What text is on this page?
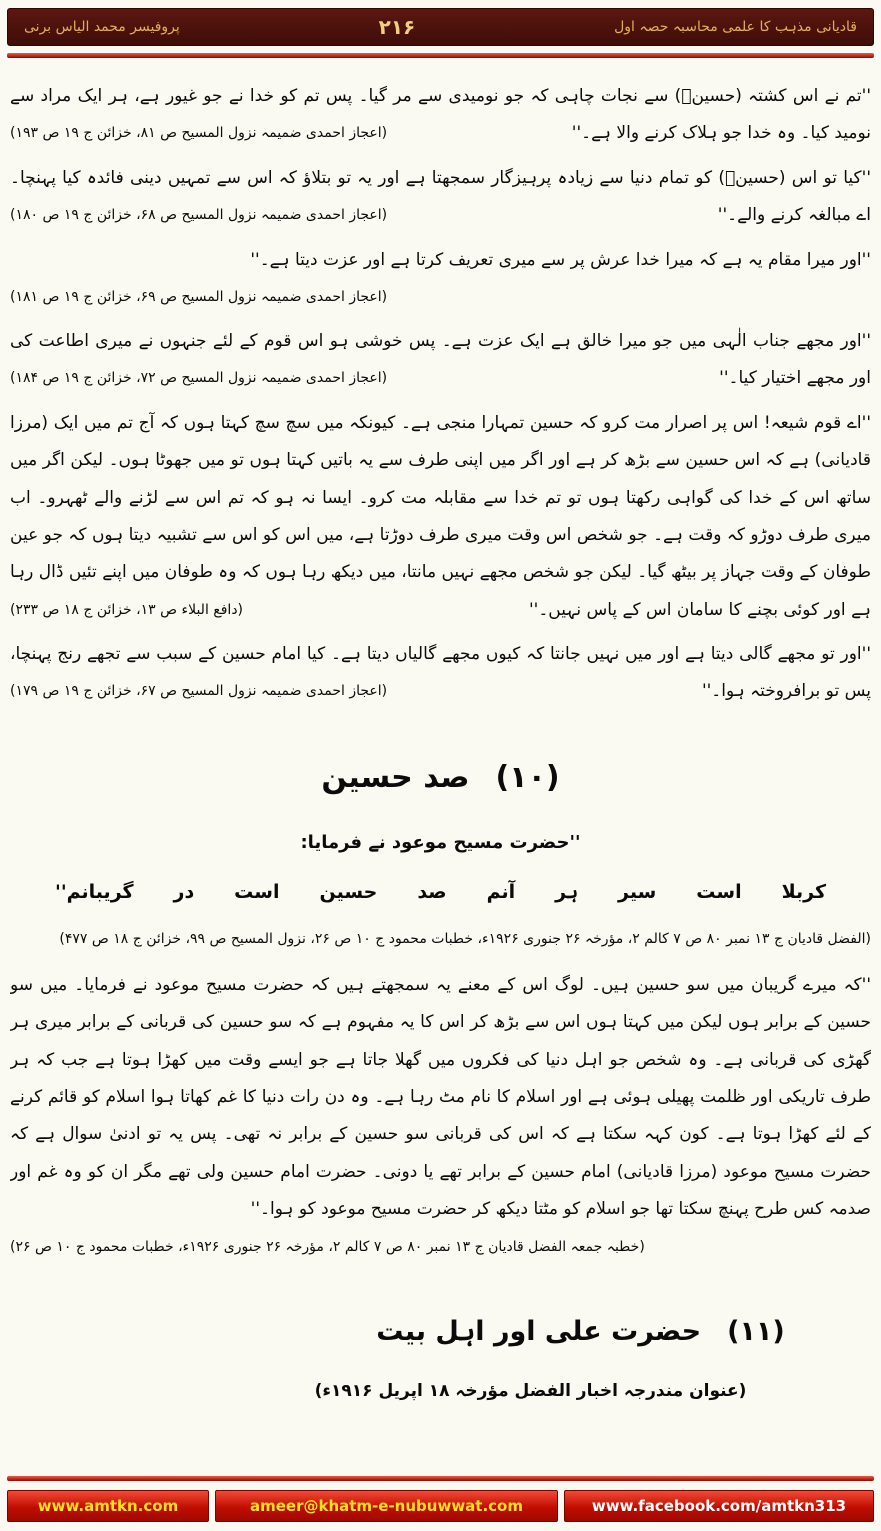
پروفیسر محمد الیاس برنی	۲۱۶	قادیانی مذہب کا علمی محاسبہ حصہ اول

''تم نے اس کشتہ (حسینؓ) سے نجات چاہی کہ جو نومیدی سے مر گیا۔ پس تم کو خدا نے جو غیور ہے، ہر ایک مراد سے نومید کیا۔ وہ خدا جو ہلاک کرنے والا ہے۔''
(اعجاز احمدی ضمیمہ نزول المسیح ص ۸۱، خزائن ج ۱۹ ص ۱۹۳)

''کیا تو اس (حسینؓ) کو تمام دنیا سے زیادہ پرہیزگار سمجھتا ہے اور یہ تو بتلاؤ کہ اس سے تمہیں دینی فائدہ کیا پہنچا۔ اے مبالغہ کرنے والے۔''
(اعجاز احمدی ضمیمہ نزول المسیح ص ۶۸، خزائن ج ۱۹ ص ۱۸۰)

''اور میرا مقام یہ ہے کہ میرا خدا عرش پر سے میری تعریف کرتا ہے اور عزت دیتا ہے۔''
(اعجاز احمدی ضمیمہ نزول المسیح ص ۶۹، خزائن ج ۱۹ ص ۱۸۱)

''اور مجھے جناب الٰہی میں جو میرا خالق ہے ایک عزت ہے۔ پس خوشی ہو اس قوم کے لئے جنہوں نے میری اطاعت کی اور مجھے اختیار کیا۔''
(اعجاز احمدی ضمیمہ نزول المسیح ص ۷۲، خزائن ج ۱۹ ص ۱۸۴)

''اے قوم شیعہ! اس پر اصرار مت کرو کہ حسین تمہارا منجی ہے۔ کیونکہ میں سچ سچ کہتا ہوں کہ آج تم میں ایک (مرزا قادیانی) ہے کہ اس حسین سے بڑھ کر ہے اور اگر میں اپنی طرف سے یہ باتیں کہتا ہوں تو میں جھوٹا ہوں۔ لیکن اگر میں ساتھ اس کے خدا کی گواہی رکھتا ہوں تو تم خدا سے مقابلہ مت کرو۔ ایسا نہ ہو کہ تم اس سے لڑنے والے ٹھہرو۔ اب میری طرف دوڑو کہ وقت ہے۔ جو شخص اس وقت میری طرف دوڑتا ہے، میں اس کو اس سے تشبیہ دیتا ہوں کہ جو عین طوفان کے وقت جہاز پر بیٹھ گیا۔ لیکن جو شخص مجھے نہیں مانتا، میں دیکھ رہا ہوں کہ وہ طوفان میں اپنے تئیں ڈال رہا ہے اور کوئی بچنے کا سامان اس کے پاس نہیں۔''
(دافع البلاء ص ۱۳، خزائن ج ۱۸ ص ۲۳۳)

''اور تو مجھے گالی دیتا ہے اور میں نہیں جانتا کہ کیوں مجھے گالیاں دیتا ہے۔ کیا امام حسین کے سبب سے تجھے رنج پہنچا، پس تو برافروختہ ہوا۔''
(اعجاز احمدی ضمیمہ نزول المسیح ص ۶۷، خزائن ج ۱۹ ص ۱۷۹)

(۱۰)
صد حسین
''حضرت مسیح موعود نے فرمایا:
کربلا است سیر ہر آنم صد حسین است در گریبانم''
(الفضل قادیان ج ۱۳ نمبر ۸۰ ص ۷ کالم ۲، مؤرخہ ۲۶ جنوری ۱۹۲۶ء، خطبات محمود ج ۱۰ ص ۲۶، نزول المسیح ص ۹۹، خزائن ج ۱۸ ص ۴۷۷)

''کہ میرے گریبان میں سو حسین ہیں۔ لوگ اس کے معنے یہ سمجھتے ہیں کہ حضرت مسیح موعود نے فرمایا۔ میں سو حسین کے برابر ہوں لیکن میں کہتا ہوں اس سے بڑھ کر اس کا یہ مفہوم ہے کہ سو حسین کی قربانی کے برابر میری ہر گھڑی کی قربانی ہے۔ وہ شخص جو اہل دنیا کی فکروں میں گھلا جاتا ہے جو ایسے وقت میں کھڑا ہوتا ہے جب کہ ہر طرف تاریکی اور ظلمت پھیلی ہوئی ہے اور اسلام کا نام مٹ رہا ہے۔ وہ دن رات دنیا کا غم کھاتا ہوا اسلام کو قائم کرنے کے لئے کھڑا ہوتا ہے۔ کون کہہ سکتا ہے کہ اس کی قربانی سو حسین کے برابر نہ تھی۔ پس یہ تو ادنیٰ سوال ہے کہ حضرت مسیح موعود (مرزا قادیانی) امام حسین کے برابر تھے یا دونی۔ حضرت امام حسین ولی تھے مگر ان کو وہ غم اور صدمہ کس طرح پہنچ سکتا تھا جو اسلام کو مٹتا دیکھ کر حضرت مسیح موعود کو ہوا۔''
(خطبہ جمعہ الفضل قادیان ج ۱۳ نمبر ۸۰ ص ۷ کالم ۲، مؤرخہ ۲۶ جنوری ۱۹۲۶ء، خطبات محمود ج ۱۰ ص ۲۶)

(۱۱)
حضرت علی اور اہل بیت
(عنوان مندرجہ اخبار الفضل مؤرخہ ۱۸ اپریل ۱۹۱۶ء)
www.amtkn.com	ameer@khatm-e-nubuwwat.com	www.facebook.com/amtkn313
